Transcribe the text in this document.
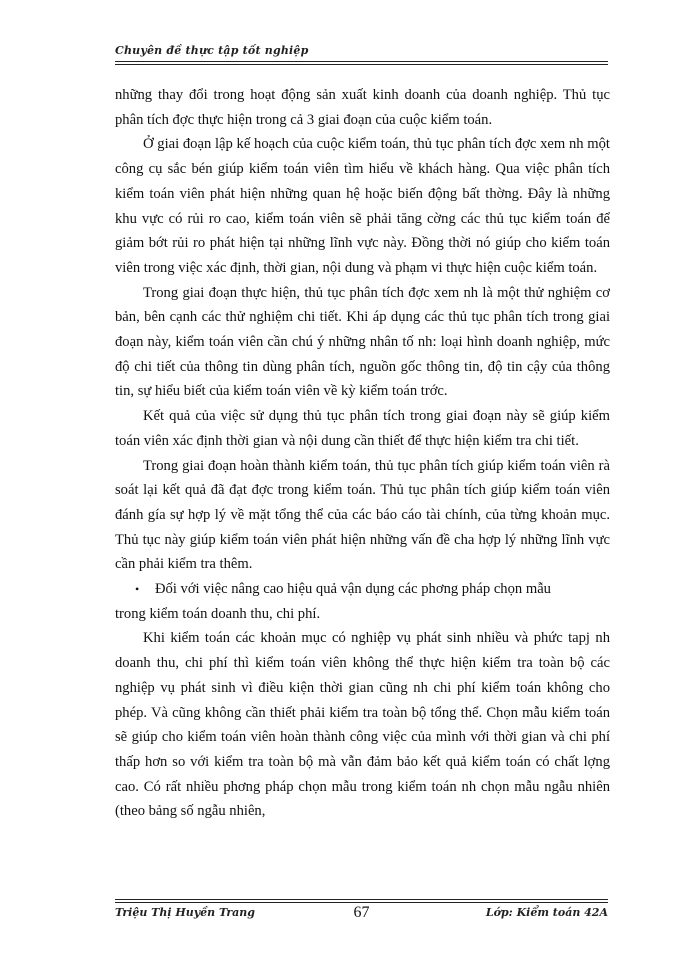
Chuyên đề thực tập tốt nghiệp

những thay đổi trong hoạt động sản xuất kinh doanh của doanh nghiệp. Thủ tục phân tích đợc thực hiện trong cả 3 giai đoạn của cuộc kiểm toán.

Ở giai đoạn lập kế hoạch của cuộc kiểm toán, thủ tục phân tích đợc xem nh một công cụ sắc bén giúp kiểm toán viên tìm hiểu về khách hàng. Qua việc phân tích kiểm toán viên phát hiện những quan hệ hoặc biến động bất thờng. Đây là những khu vực có rủi ro cao, kiểm toán viên sẽ phải tăng cờng các thủ tục kiểm toán để giảm bớt rủi ro phát hiện tại những lĩnh vực này. Đồng thời nó giúp cho kiểm toán viên trong việc xác định, thời gian, nội dung và phạm vi thực hiện cuộc kiểm toán.

Trong giai đoạn thực hiện, thủ tục phân tích đợc xem nh là một thử nghiệm cơ bản, bên cạnh các thử nghiệm chi tiết. Khi áp dụng các thủ tục phân tích trong giai đoạn này, kiểm toán viên cần chú ý những nhân tố nh: loại hình doanh nghiệp, mức độ chi tiết của thông tin dùng phân tích, nguồn gốc thông tin, độ tin cậy của thông tin, sự hiểu biết của kiểm toán viên về kỳ kiểm toán trớc.

Kết quả của việc sử dụng thủ tục phân tích trong giai đoạn này sẽ giúp kiểm toán viên xác định thời gian và nội dung cần thiết để thực hiện kiểm tra chi tiết.

Trong giai đoạn hoàn thành kiểm toán, thủ tục phân tích giúp kiểm toán viên rà soát lại kết quả đã đạt đợc trong kiểm toán. Thủ tục phân tích giúp kiểm toán viên đánh gía sự hợp lý về mặt tổng thể của các báo cáo tài chính, của từng khoản mục. Thủ tục này giúp kiểm toán viên phát hiện những vấn đề cha hợp lý những lĩnh vực cần phải kiểm tra thêm.

• Đối với việc nâng cao hiệu quả vận dụng các phơng pháp chọn mẫu

trong kiểm toán doanh thu, chi phí.

Khi kiểm toán các khoản mục có nghiệp vụ phát sinh nhiều và phức tapj nh doanh thu, chi phí thì kiểm toán viên không thể thực hiện kiểm tra toàn bộ các nghiệp vụ phát sinh vì điều kiện thời gian cũng nh chi phí kiểm toán không cho phép. Và cũng không cần thiết phải kiểm tra toàn bộ tổng thể. Chọn mẫu kiểm toán sẽ giúp cho kiểm toán viên hoàn thành công việc của mình với thời gian và chi phí thấp hơn so với kiểm tra toàn bộ mà vẫn đảm bảo kết quả kiểm toán có chất lợng cao. Có rất nhiều phơng pháp chọn mẫu trong kiểm toán nh chọn mẫu ngẫu nhiên (theo bảng số ngẫu nhiên,

Triệu Thị Huyền Trang	67	Lớp: Kiểm toán 42A
